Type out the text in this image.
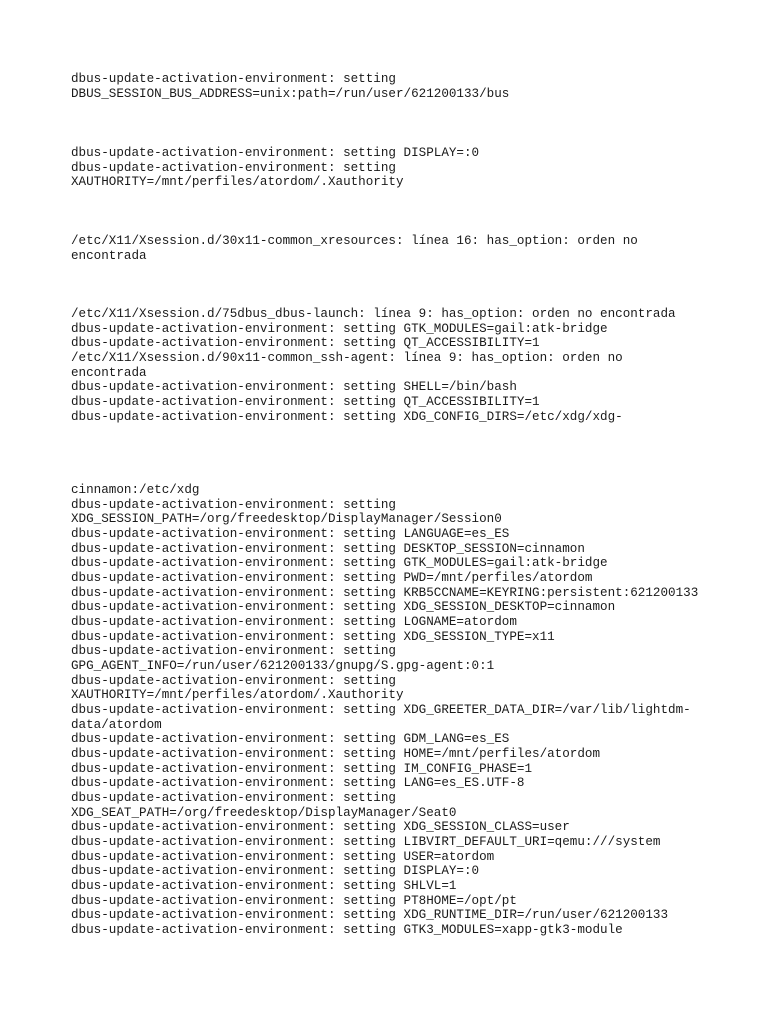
dbus-update-activation-environment: setting
DBUS_SESSION_BUS_ADDRESS=unix:path=/run/user/621200133/bus
dbus-update-activation-environment: setting DISPLAY=:0
dbus-update-activation-environment: setting
XAUTHORITY=/mnt/perfiles/atordom/.Xauthority
/etc/X11/Xsession.d/30x11-common_xresources: línea 16: has_option: orden no
encontrada
/etc/X11/Xsession.d/75dbus_dbus-launch: línea 9: has_option: orden no encontrada
dbus-update-activation-environment: setting GTK_MODULES=gail:atk-bridge
dbus-update-activation-environment: setting QT_ACCESSIBILITY=1
/etc/X11/Xsession.d/90x11-common_ssh-agent: línea 9: has_option: orden no
encontrada
dbus-update-activation-environment: setting SHELL=/bin/bash
dbus-update-activation-environment: setting QT_ACCESSIBILITY=1
dbus-update-activation-environment: setting XDG_CONFIG_DIRS=/etc/xdg/xdg-
cinnamon:/etc/xdg
dbus-update-activation-environment: setting
XDG_SESSION_PATH=/org/freedesktop/DisplayManager/Session0
dbus-update-activation-environment: setting LANGUAGE=es_ES
dbus-update-activation-environment: setting DESKTOP_SESSION=cinnamon
dbus-update-activation-environment: setting GTK_MODULES=gail:atk-bridge
dbus-update-activation-environment: setting PWD=/mnt/perfiles/atordom
dbus-update-activation-environment: setting KRB5CCNAME=KEYRING:persistent:621200133
dbus-update-activation-environment: setting XDG_SESSION_DESKTOP=cinnamon
dbus-update-activation-environment: setting LOGNAME=atordom
dbus-update-activation-environment: setting XDG_SESSION_TYPE=x11
dbus-update-activation-environment: setting
GPG_AGENT_INFO=/run/user/621200133/gnupg/S.gpg-agent:0:1
dbus-update-activation-environment: setting
XAUTHORITY=/mnt/perfiles/atordom/.Xauthority
dbus-update-activation-environment: setting XDG_GREETER_DATA_DIR=/var/lib/lightdm-
data/atordom
dbus-update-activation-environment: setting GDM_LANG=es_ES
dbus-update-activation-environment: setting HOME=/mnt/perfiles/atordom
dbus-update-activation-environment: setting IM_CONFIG_PHASE=1
dbus-update-activation-environment: setting LANG=es_ES.UTF-8
dbus-update-activation-environment: setting
XDG_SEAT_PATH=/org/freedesktop/DisplayManager/Seat0
dbus-update-activation-environment: setting XDG_SESSION_CLASS=user
dbus-update-activation-environment: setting LIBVIRT_DEFAULT_URI=qemu:///system
dbus-update-activation-environment: setting USER=atordom
dbus-update-activation-environment: setting DISPLAY=:0
dbus-update-activation-environment: setting SHLVL=1
dbus-update-activation-environment: setting PT8HOME=/opt/pt
dbus-update-activation-environment: setting XDG_RUNTIME_DIR=/run/user/621200133
dbus-update-activation-environment: setting GTK3_MODULES=xapp-gtk3-module
